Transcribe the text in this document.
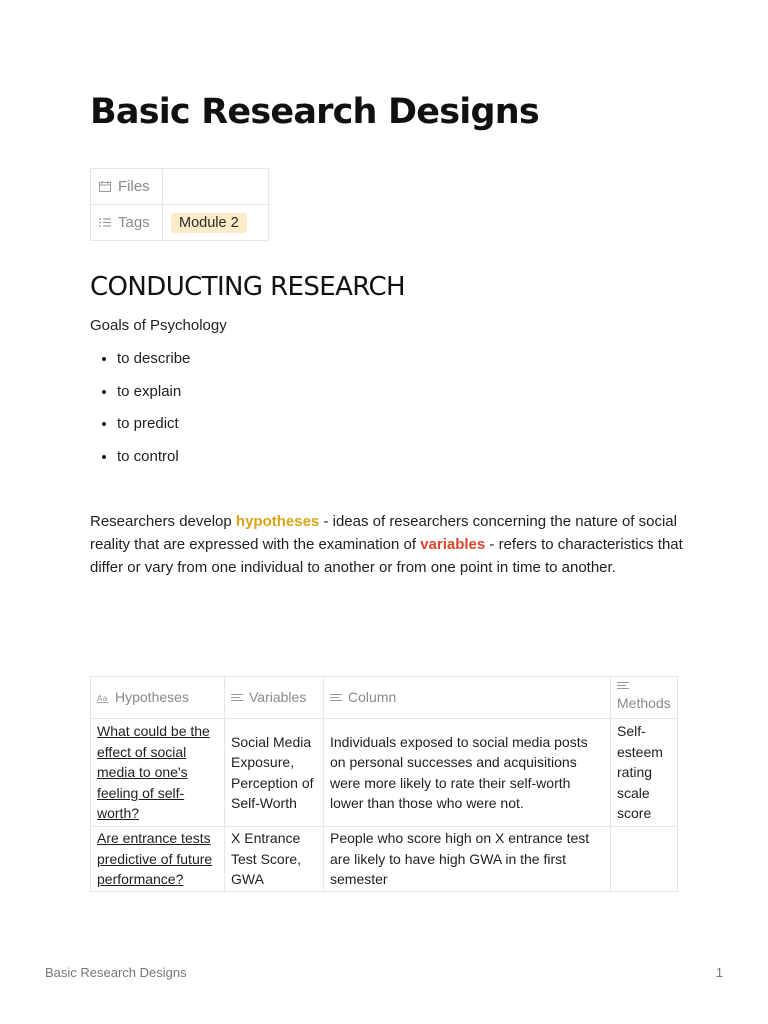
Basic Research Designs
Files	
Tags	Module 2
CONDUCTING RESEARCH
Goals of Psychology
• to describe
• to explain
• to predict
• to control

Researchers develop hypotheses - ideas of researchers concerning the nature of social reality that are expressed with the examination of variables - refers to characteristics that differ or vary from one individual to another or from one point in time to another.

Aa Hypotheses	Variables	Column	Methods
What could be the effect of social media to one's feeling of self-worth?	Social Media Exposure, Perception of Self-Worth	Individuals exposed to social media posts on personal successes and acquisitions were more likely to rate their self-worth lower than those who were not.	Self-esteem rating scale score
Are entrance tests predictive of future performance?	X Entrance Test Score, GWA	People who score high on X entrance test are likely to have high GWA in the first semester	
Basic Research Designs	1
